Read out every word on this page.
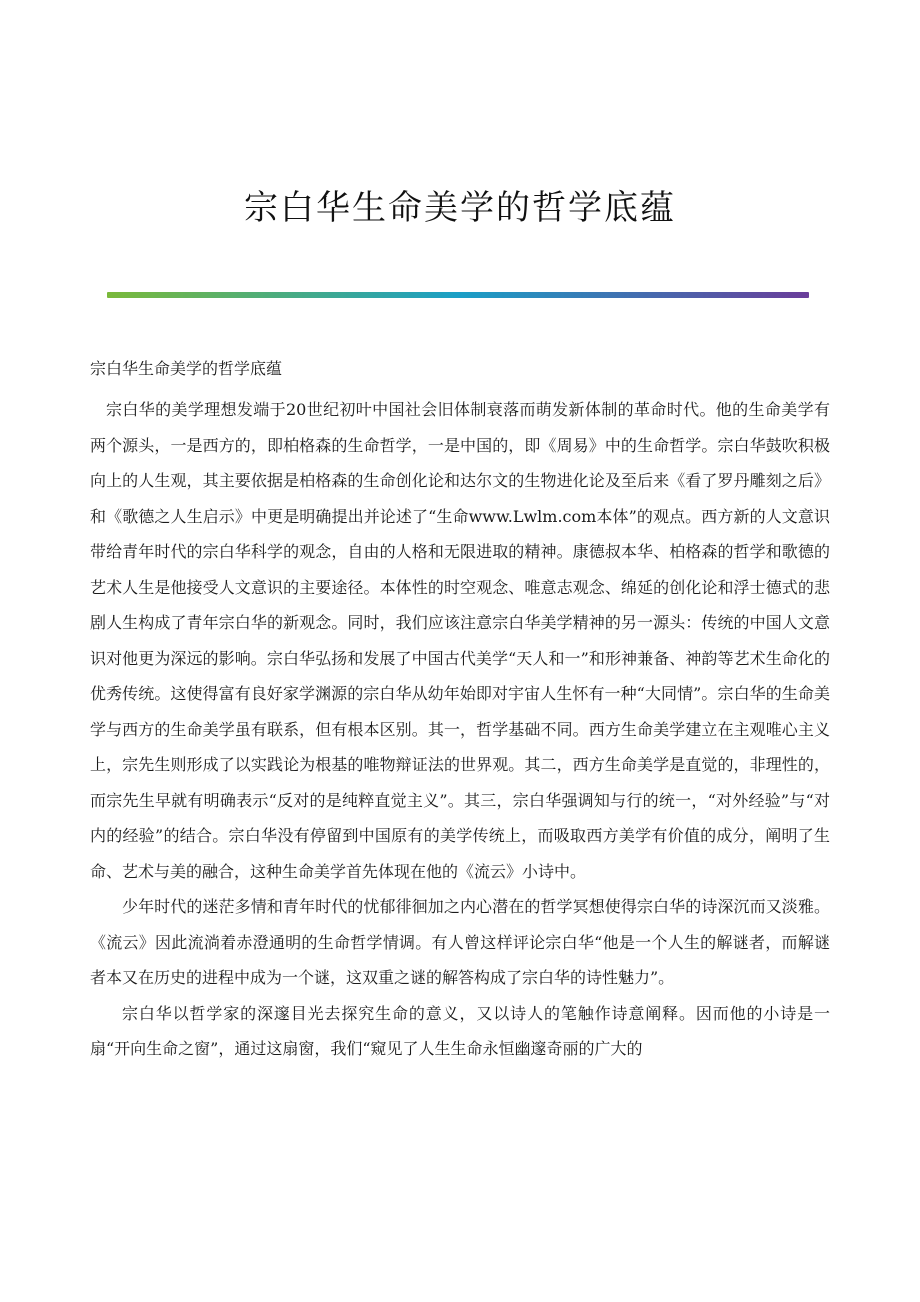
宗白华生命美学的哲学底蕴

宗白华生命美学的哲学底蕴

宗白华的美学理想发端于20世纪初叶中国社会旧体制衰落而萌发新体制的革命时代。他的生命美学有两个源头，一是西方的，即柏格森的生命哲学，一是中国的，即《周易》中的生命哲学。宗白华鼓吹积极向上的人生观，其主要依据是柏格森的生命创化论和达尔文的生物进化论及至后来《看了罗丹雕刻之后》和《歌德之人生启示》中更是明确提出并论述了“生命www.Lwlm.com本体”的观点。西方新的人文意识带给青年时代的宗白华科学的观念，自由的人格和无限进取的精神。康德叔本华、柏格森的哲学和歌德的艺术人生是他接受人文意识的主要途径。本体性的时空观念、唯意志观念、绵延的创化论和浮士德式的悲剧人生构成了青年宗白华的新观念。同时，我们应该注意宗白华美学精神的另一源头：传统的中国人文意识对他更为深远的影响。宗白华弘扬和发展了中国古代美学“天人和一”和形神兼备、神韵等艺术生命化的优秀传统。这使得富有良好家学渊源的宗白华从幼年始即对宇宙人生怀有一种“大同情”。宗白华的生命美学与西方的生命美学虽有联系，但有根本区别。其一，哲学基础不同。西方生命美学建立在主观唯心主义上，宗先生则形成了以实践论为根基的唯物辩证法的世界观。其二，西方生命美学是直觉的，非理性的，而宗先生早就有明确表示“反对的是纯粹直觉主义”。其三，宗白华强调知与行的统一，“对外经验”与“对内的经验”的结合。宗白华没有停留到中国原有的美学传统上，而吸取西方美学有价值的成分，阐明了生命、艺术与美的融合，这种生命美学首先体现在他的《流云》小诗中。

少年时代的迷茫多情和青年时代的忧郁徘徊加之内心潜在的哲学冥想使得宗白华的诗深沉而又淡雅。《流云》因此流淌着赤澄通明的生命哲学情调。有人曾这样评论宗白华“他是一个人生的解谜者，而解谜者本又在历史的进程中成为一个谜，这双重之谜的解答构成了宗白华的诗性魅力”。

宗白华以哲学家的深邃目光去探究生命的意义，又以诗人的笔触作诗意阐释。因而他的小诗是一扇“开向生命之窗”，通过这扇窗，我们“窥见了人生生命永恒幽邃奇丽的广大的
